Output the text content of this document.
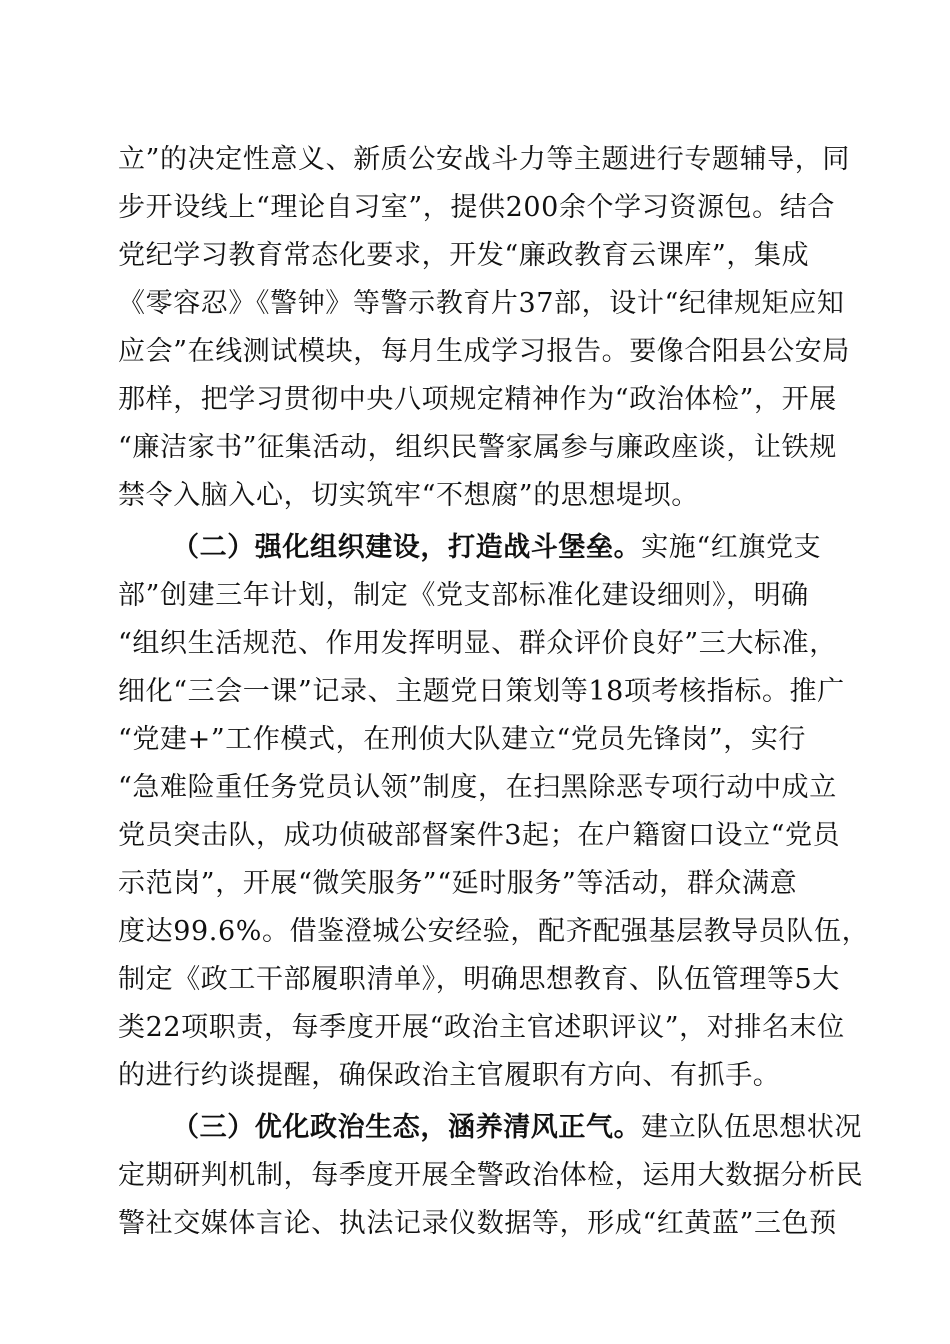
立”的决定性意义、新质公安战斗力等主题进行专题辅导，同
步开设线上“理论自习室”，提供200余个学习资源包。结合
党纪学习教育常态化要求，开发“廉政教育云课库”，集成
《零容忍》《警钟》等警示教育片37部，设计“纪律规矩应知
应会”在线测试模块，每月生成学习报告。要像合阳县公安局
那样，把学习贯彻中央八项规定精神作为“政治体检”，开展
“廉洁家书”征集活动，组织民警家属参与廉政座谈，让铁规
禁令入脑入心，切实筑牢“不想腐”的思想堤坝。
（二）强化组织建设，打造战斗堡垒。实施“红旗党支
部”创建三年计划，制定《党支部标准化建设细则》，明确
“组织生活规范、作用发挥明显、群众评价良好”三大标准，
细化“三会一课”记录、主题党日策划等18项考核指标。推广
“党建+”工作模式，在刑侦大队建立“党员先锋岗”，实行
“急难险重任务党员认领”制度，在扫黑除恶专项行动中成立
党员突击队，成功侦破部督案件3起；在户籍窗口设立“党员
示范岗”，开展“微笑服务”“延时服务”等活动，群众满意
度达99.6%。借鉴澄城公安经验，配齐配强基层教导员队伍，
制定《政工干部履职清单》，明确思想教育、队伍管理等5大
类22项职责，每季度开展“政治主官述职评议”，对排名末位
的进行约谈提醒，确保政治主官履职有方向、有抓手。
（三）优化政治生态，涵养清风正气。建立队伍思想状况
定期研判机制，每季度开展全警政治体检，运用大数据分析民
警社交媒体言论、执法记录仪数据等，形成“红黄蓝”三色预
